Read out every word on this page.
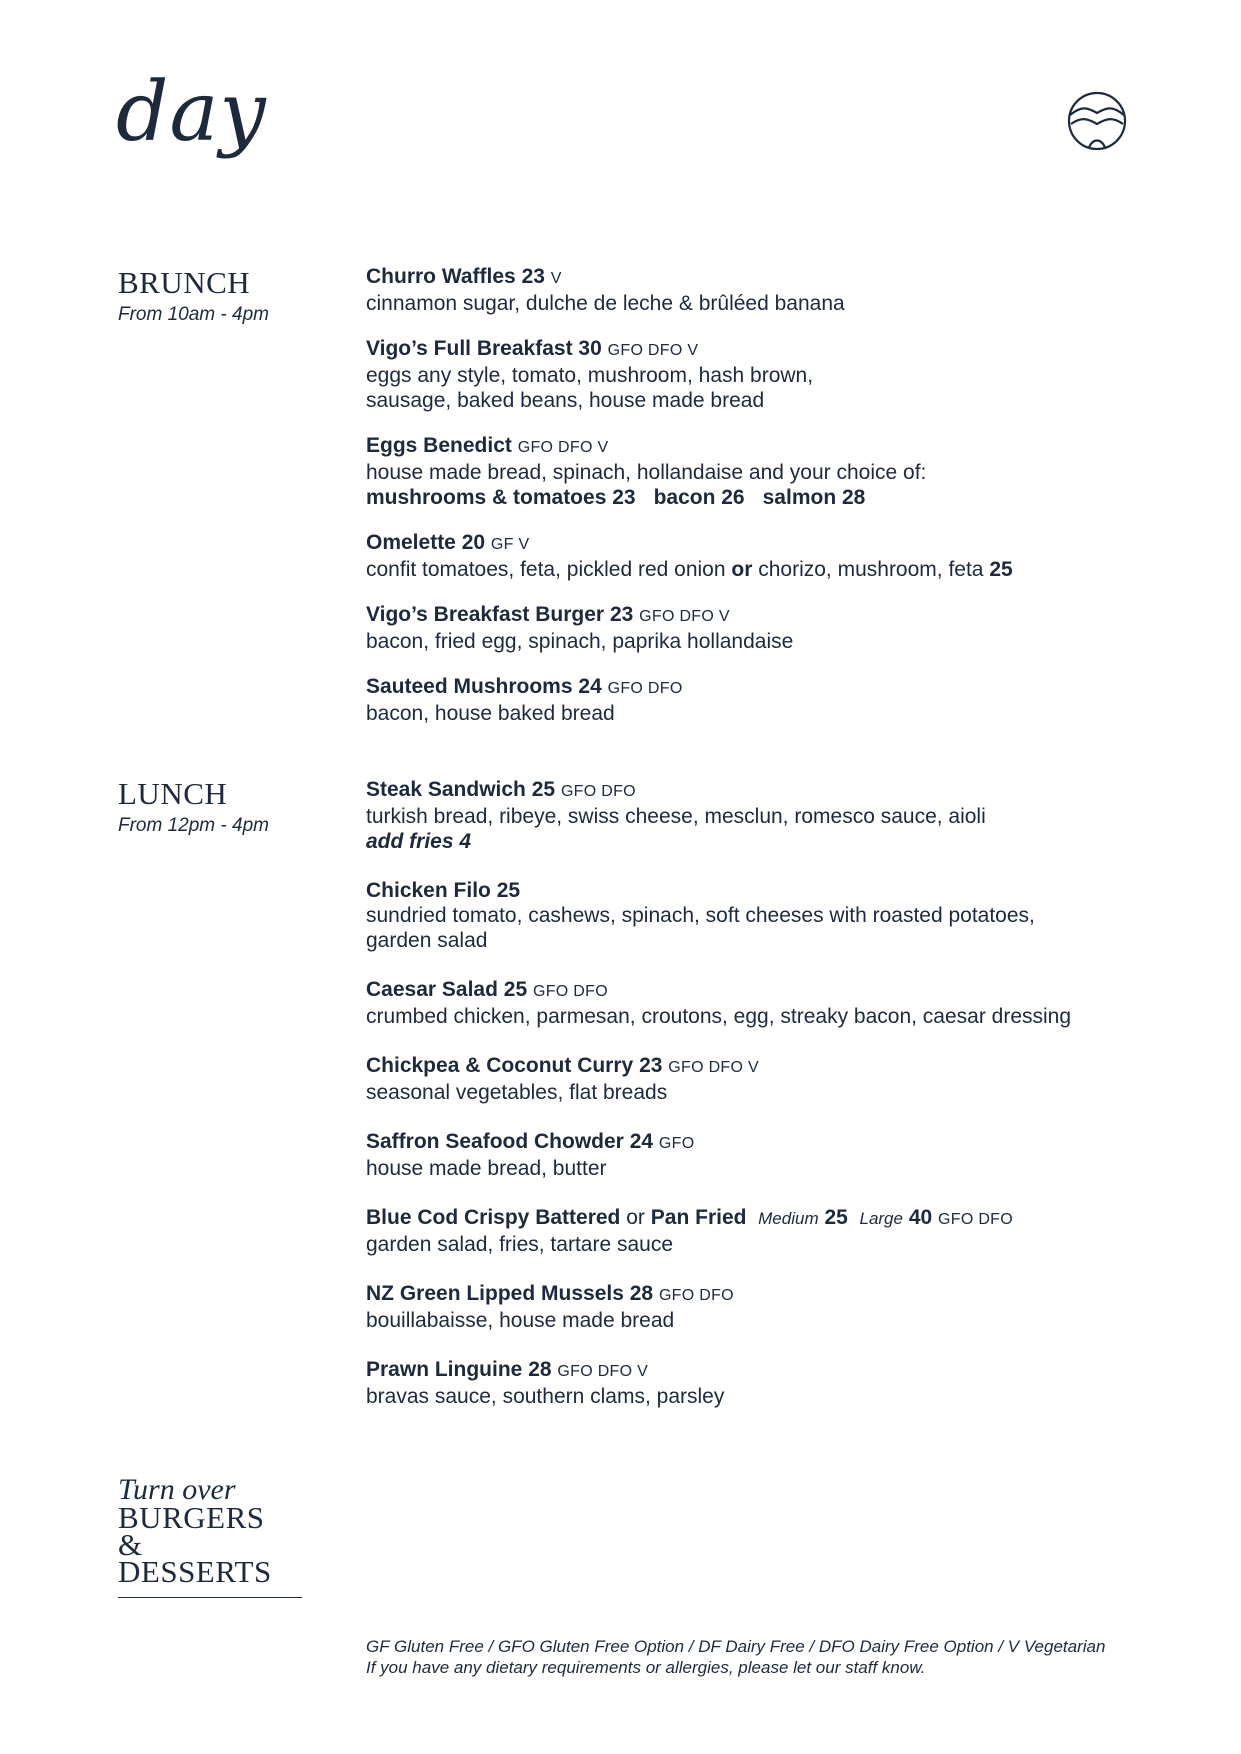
day
BRUNCH
From 10am - 4pm
Churro Waffles 23 V
cinnamon sugar, dulche de leche & brûléed banana
Vigo’s Full Breakfast 30 GFO DFO V
eggs any style, tomato, mushroom, hash brown,
sausage, baked beans, house made bread
Eggs Benedict GFO DFO V
house made bread, spinach, hollandaise and your choice of:
mushrooms & tomatoes 23 bacon 26 salmon 28
Omelette 20 GF V
confit tomatoes, feta, pickled red onion or chorizo, mushroom, feta 25
Vigo’s Breakfast Burger 23 GFO DFO V
bacon, fried egg, spinach, paprika hollandaise
Sauteed Mushrooms 24 GFO DFO
bacon, house baked bread
LUNCH
From 12pm - 4pm
Steak Sandwich 25 GFO DFO
turkish bread, ribeye, swiss cheese, mesclun, romesco sauce, aioli
add fries 4
Chicken Filo 25
sundried tomato, cashews, spinach, soft cheeses with roasted potatoes,
garden salad
Caesar Salad 25 GFO DFO
crumbed chicken, parmesan, croutons, egg, streaky bacon, caesar dressing
Chickpea & Coconut Curry 23 GFO DFO V
seasonal vegetables, flat breads
Saffron Seafood Chowder 24 GFO
house made bread, butter
Blue Cod Crispy Battered or Pan Fried Medium 25 Large 40 GFO DFO
garden salad, fries, tartare sauce
NZ Green Lipped Mussels 28 GFO DFO
bouillabaisse, house made bread
Prawn Linguine 28 GFO DFO V
bravas sauce, southern clams, parsley
Turn over
BURGERS
& DESSERTS
GF Gluten Free / GFO Gluten Free Option / DF Dairy Free / DFO Dairy Free Option / V Vegetarian
If you have any dietary requirements or allergies, please let our staff know.
